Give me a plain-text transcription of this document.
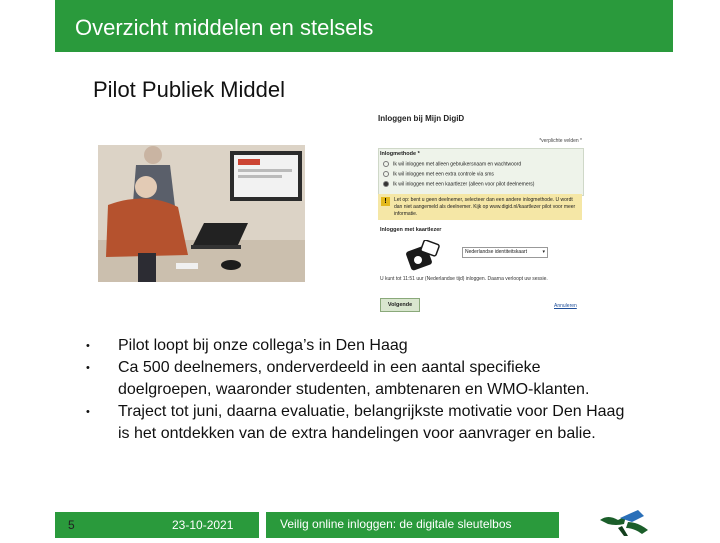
Overzicht middelen en stelsels
Pilot Publiek Middel
Inloggen bij Mijn DigiD
*verplichte velden *
Inlogmethode *
Ik wil inloggen met alleen gebruikersnaam en wachtwoord
Ik wil inloggen met een extra controle via sms
Ik wil inloggen met een kaartlezer (alleen voor pilot deelnemers)
!	Let op: bent u geen deelnemer, selecteer dan een andere inlogmethode. U wordt dan niet aangemeld als deelnemer. Kijk op www.digid.nl/kaartlezer pilot voor meer informatie.
Inloggen met kaartlezer
Nederlandse identiteitskaart	▾
U kunt tot 11:51 uur (Nederlandse tijd) inloggen. Daarna verloopt uw sessie.
Volgende	Annuleren
• Pilot loopt bij onze collega’s in Den Haag
• Ca 500 deelnemers, onderverdeeld in een aantal specifieke doelgroepen, waaronder studenten, ambtenaren en WMO-klanten.
• Traject tot juni, daarna evaluatie, belangrijkste motivatie voor Den Haag is het ontdekken van de extra handelingen voor aanvrager en balie.
5	23-10-2021	Veilig online inloggen: de digitale sleutelbos
